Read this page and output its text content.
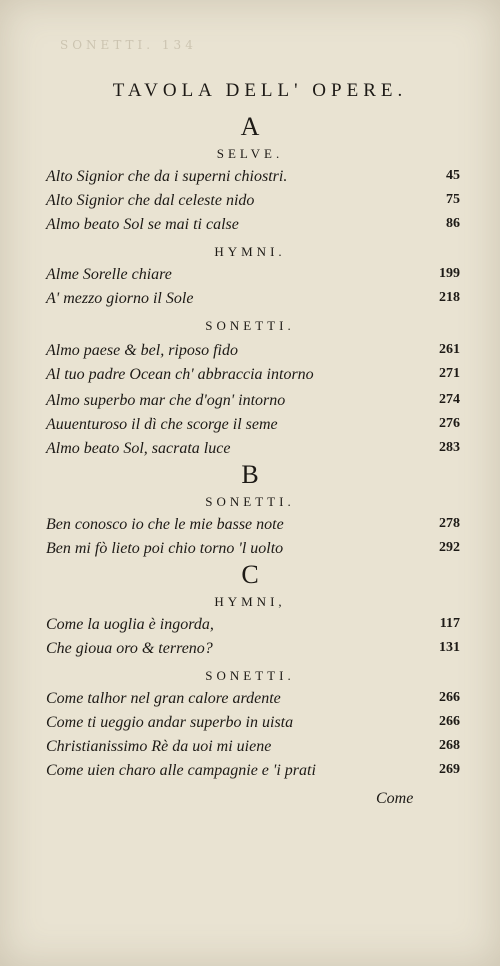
SONETTI. 134
TAVOLA DELL' OPERE.
A
SELVE.
Alto Signior che da i superni chiostri.	45
Alto Signior che dal celeste nido	75
Almo beato Sol se mai ti calse	86
HYMNI.
Alme Sorelle chiare	199
A' mezzo giorno il Sole	218
SONETTI.
Almo paese & bel, riposo fido	261
Al tuo padre Ocean ch' abbraccia intorno	271
Almo superbo mar che d'ogn' intorno	274
Auuenturoso il dì che scorge il seme	276
Almo beato Sol, sacrata luce	283
B
SONETTI.
Ben conosco io che le mie basse note	278
Ben mi fò lieto poi chio torno 'l uolto	292
C
HYMNI,
Come la uoglia è ingorda,	117
Che gioua oro & terreno?	131
SONETTI.
Come talhor nel gran calore ardente	266
Come ti ueggio andar superbo in uista	266
Christianissimo Rè da uoi mi uiene	268
Come uien charo alle campagnie e 'i prati	269
Come
